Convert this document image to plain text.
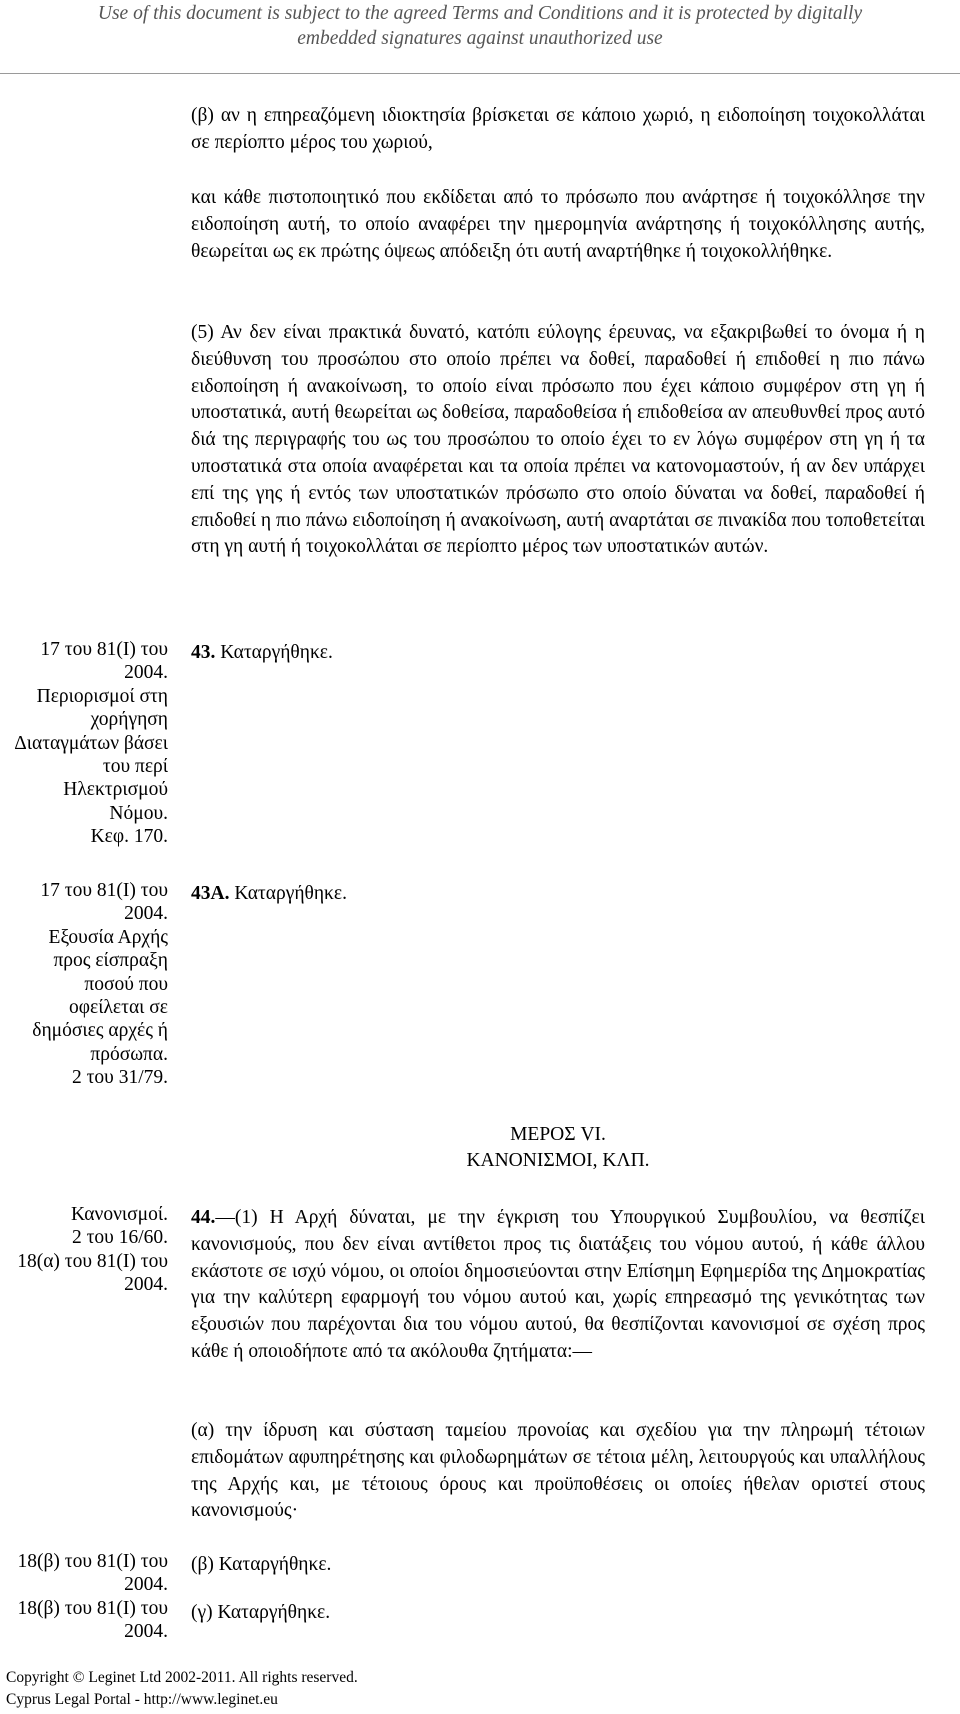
Use of this document is subject to the agreed Terms and Conditions and it is protected by digitally
embedded signatures against unauthorized use

(β) αν η επηρεαζόμενη ιδιοκτησία βρίσκεται σε κάποιο χωριό, η ειδοποίηση τοιχοκολλάται σε περίοπτο μέρος του χωριού,

και κάθε πιστοποιητικό που εκδίδεται από το πρόσωπο που ανάρτησε ή τοιχοκόλλησε την ειδοποίηση αυτή, το οποίο αναφέρει την ημερομηνία ανάρτησης ή τοιχοκόλλησης αυτής, θεωρείται ως εκ πρώτης όψεως απόδειξη ότι αυτή αναρτήθηκε ή τοιχοκολλήθηκε.

(5) Αν δεν είναι πρακτικά δυνατό, κατόπι εύλογης έρευνας, να εξακριβωθεί το όνομα ή η διεύθυνση του προσώπου στο οποίο πρέπει να δοθεί, παραδοθεί ή επιδοθεί η πιο πάνω ειδοποίηση ή ανακοίνωση, το οποίο είναι πρόσωπο που έχει κάποιο συμφέρον στη γη ή υποστατικά, αυτή θεωρείται ως δοθείσα, παραδοθείσα ή επιδοθείσα αν απευθυνθεί προς αυτό διά της περιγραφής του ως του προσώπου το οποίο έχει το εν λόγω συμφέρον στη γη ή τα υποστατικά στα οποία αναφέρεται και τα οποία πρέπει να κατονομαστούν, ή αν δεν υπάρχει επί της γης ή εντός των υποστατικών πρόσωπο στο οποίο δύναται να δοθεί, παραδοθεί ή επιδοθεί η πιο πάνω ειδοποίηση ή ανακοίνωση, αυτή αναρτάται σε πινακίδα που τοποθετείται στη γη αυτή ή τοιχοκολλάται σε περίοπτο μέρος των υποστατικών αυτών.

17 του 81(Ι) του
2004.
Περιορισμοί στη
χορήγηση
Διαταγμάτων βάσει
του περί
Ηλεκτρισμού
Νόμου.
Κεφ. 170.
43. Καταργήθηκε.
17 του 81(Ι) του
2004.
Εξουσία Αρχής
προς είσπραξη
ποσού που
οφείλεται σε
δημόσιες αρχές ή
πρόσωπα.
2 του 31/79.
43Α. Καταργήθηκε.
ΜΕΡΟΣ VI.
ΚΑΝΟΝΙΣΜΟΙ, ΚΛΠ.
Κανονισμοί.
2 του 16/60.
18(α) του 81(Ι) του
2004.

44.—(1) Η Αρχή δύναται, με την έγκριση του Υπουργικού Συμβουλίου, να θεσπίζει κανονισμούς, που δεν είναι αντίθετοι προς τις διατάξεις του νόμου αυτού, ή κάθε άλλου εκάστοτε σε ισχύ νόμου, οι οποίοι δημοσιεύονται στην Επίσημη Εφημερίδα της Δημοκρατίας για την καλύτερη εφαρμογή του νόμου αυτού και, χωρίς επηρεασμό της γενικότητας των εξουσιών που παρέχονται δια του νόμου αυτού, θα θεσπίζονται κανονισμοί σε σχέση προς κάθε ή οποιοδήποτε από τα ακόλουθα ζητήματα:—

(α) την ίδρυση και σύσταση ταμείου προνοίας και σχεδίου για την πληρωμή τέτοιων επιδομάτων αφυπηρέτησης και φιλοδωρημάτων σε τέτοια μέλη, λειτουργούς και υπαλλήλους της Αρχής και, με τέτοιους όρους και προϋποθέσεις οι οποίες ήθελαν οριστεί στους κανονισμούς·

18(β) του 81(Ι) του
2004.
18(β) του 81(Ι) του
2004.
(β) Καταργήθηκε.
(γ) Καταργήθηκε.
Copyright © Leginet Ltd 2002-2011. All rights reserved.
Cyprus Legal Portal - http://www.leginet.eu
